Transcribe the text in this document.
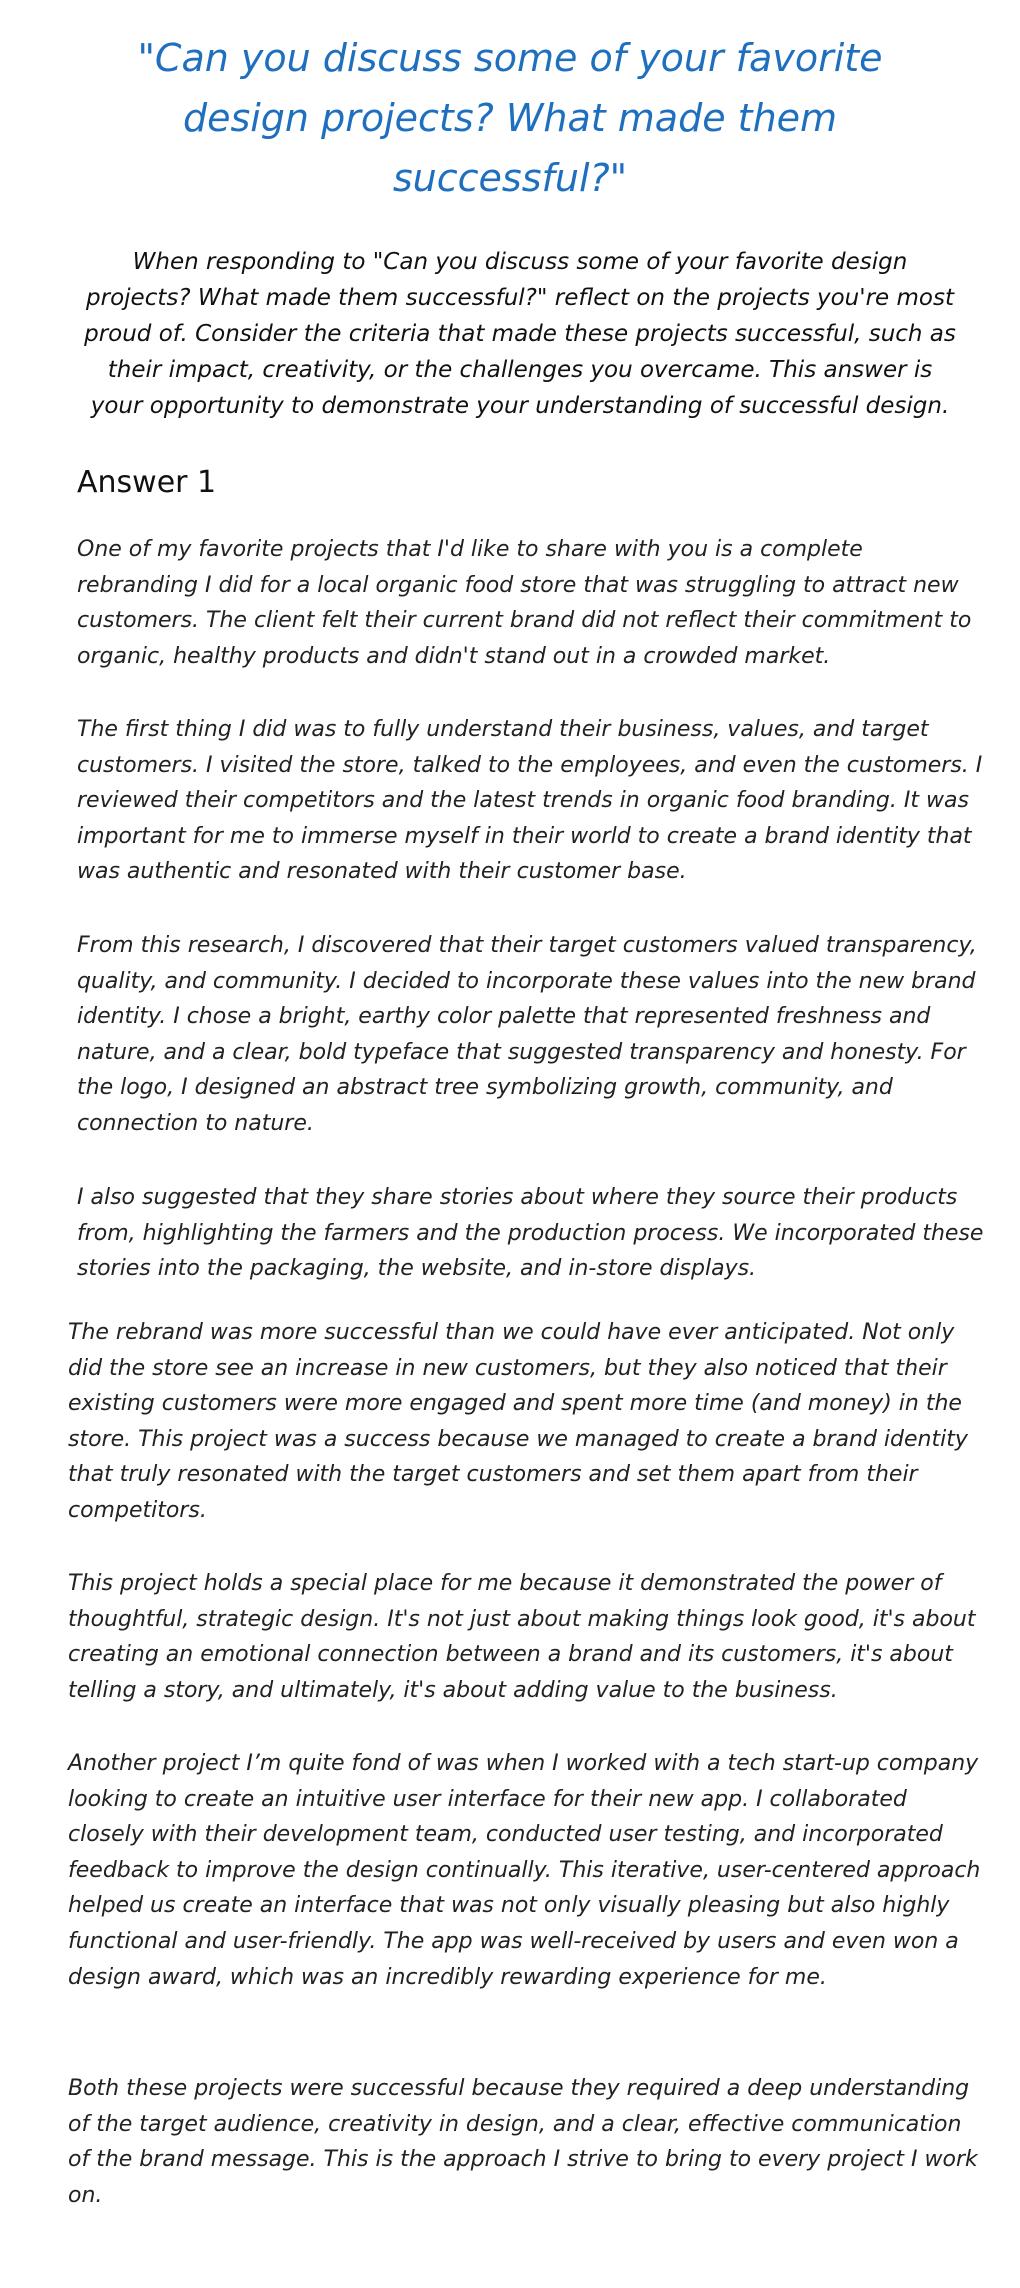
"Can you discuss some of your favorite design projects? What made them successful?"

When responding to "Can you discuss some of your favorite design projects? What made them successful?" reflect on the projects you're most proud of. Consider the criteria that made these projects successful, such as their impact, creativity, or the challenges you overcame. This answer is your opportunity to demonstrate your understanding of successful design.

Answer 1

One of my favorite projects that I'd like to share with you is a complete rebranding I did for a local organic food store that was struggling to attract new customers. The client felt their current brand did not reflect their commitment to organic, healthy products and didn't stand out in a crowded market.

The first thing I did was to fully understand their business, values, and target customers. I visited the store, talked to the employees, and even the customers. I reviewed their competitors and the latest trends in organic food branding. It was important for me to immerse myself in their world to create a brand identity that was authentic and resonated with their customer base.

From this research, I discovered that their target customers valued transparency, quality, and community. I decided to incorporate these values into the new brand identity. I chose a bright, earthy color palette that represented freshness and nature, and a clear, bold typeface that suggested transparency and honesty. For the logo, I designed an abstract tree symbolizing growth, community, and connection to nature.

I also suggested that they share stories about where they source their products from, highlighting the farmers and the production process. We incorporated these stories into the packaging, the website, and in-store displays.

The rebrand was more successful than we could have ever anticipated. Not only did the store see an increase in new customers, but they also noticed that their existing customers were more engaged and spent more time (and money) in the store. This project was a success because we managed to create a brand identity that truly resonated with the target customers and set them apart from their competitors.

This project holds a special place for me because it demonstrated the power of thoughtful, strategic design. It's not just about making things look good, it's about creating an emotional connection between a brand and its customers, it's about telling a story, and ultimately, it's about adding value to the business.

Another project I’m quite fond of was when I worked with a tech start-up company looking to create an intuitive user interface for their new app. I collaborated closely with their development team, conducted user testing, and incorporated feedback to improve the design continually. This iterative, user-centered approach helped us create an interface that was not only visually pleasing but also highly functional and user-friendly. The app was well-received by users and even won a design award, which was an incredibly rewarding experience for me.

Both these projects were successful because they required a deep understanding of the target audience, creativity in design, and a clear, effective communication of the brand message. This is the approach I strive to bring to every project I work on.
